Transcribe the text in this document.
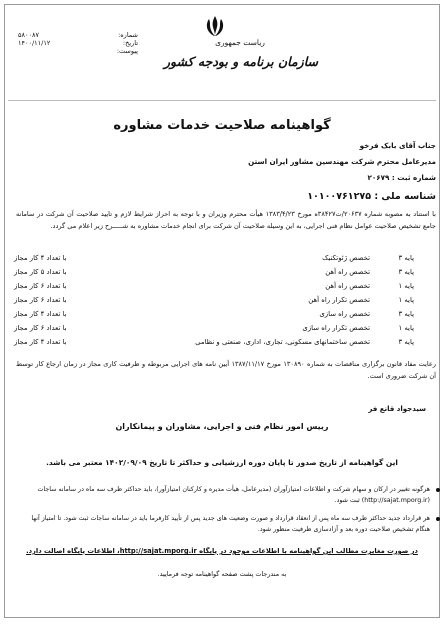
شماره:
۵۸۰۰۸۷
تاریخ:
۱۴۰۰/۱۱/۱۲
پیوست:
ریاست جمهوری
سازمان برنامه و بودجه کشور
گواهینامه صلاحیت خدمات مشاوره
جناب آقای بابک فرخو
مدیرعامل محترم شرکت مهندسین مشاور ایران استن
شماره ثبت : ۲۰۶۷۹
شناسه ملی : ۱۰۱۰۰۷۶۱۲۷۵
با استناد به مصوبه شماره ۲۰۶۳۷/ت۳۸۴۲۷ه مورخ ۱۳۸۳/۴/۲۳ هیأت محترم وزیران و با توجه به احراز شرایط لازم و تایید صلاحیت آن شرکت در سامانه جامع تشخیص صلاحیت عوامل نظام فنی اجرایی، به این وسیله صلاحیت آن شرکت برای انجام خدمات مشاوره به شـــــرح زیر اعلام می گردد.
پایه ۳
تخصص ژئوتکنیک
با تعداد ۴ کار مجاز
پایه ۳
تخصص راه آهن
با تعداد ۵ کار مجاز
پایه ۱
تخصص راه آهن
با تعداد ۶ کار مجاز
پایه ۱
تخصص تکرار راه آهن
با تعداد ۶ کار مجاز
پایه ۳
تخصص راه سازی
با تعداد ۴ کار مجاز
پایه ۱
تخصص تکرار راه سازی
با تعداد ۶ کار مجاز
پایه ۳
تخصص ساختمانهای مسکونی، تجاری، اداری، صنعتی و نظامی
با تعداد ۴ کار مجاز
رعایت مفاد قانون برگزاری مناقصات به شماره ۱۳۰۸۹۰ مورخ ۱۳۸۷/۱۱/۱۷ آیین نامه های اجرایی مربوطه و ظرفیت کاری مجاز در زمان ارجاع کار توسط آن شرکت ضروری است.
سیدجواد قانع فر
رییس امور نظام فنی و اجرایی، مشاوران و پیمانکاران
این گواهینامه از تاریخ صدور تا پایان دوره ارزشیابی و حداکثر تا تاریخ ۱۴۰۲/۰۹/۰۹ معتبر می باشد.
هرگونه تغییر در ارکان و سهام شرکت و اطلاعات امتیازآوران (مدیرعامل، هیأت مدیره و کارکنان امتیازآور)، باید حداکثر ظرف سه ماه در سامانه ساجات (http://sajat.mporg.ir) ثبت شود.
هر قرارداد جدید حداکثر ظرف سه ماه پس از انعقاد قرارداد و صورت وضعیت های جدید پس از تأیید کارفرما باید در سامانه ساجات ثبت شود. تا امتیاز آنها هنگام تشخیص صلاحیت دوره بعد و آزادسازی ظرفیت منظور شود.
در صورت مغایرت مطالب این گواهینامه با اطلاعات موجود در پایگاه http://sajat.mporg.ir، اطلاعات پایگاه اصالت دارد.
به مندرجات پشت صفحه گواهینامه توجه فرمایید.
